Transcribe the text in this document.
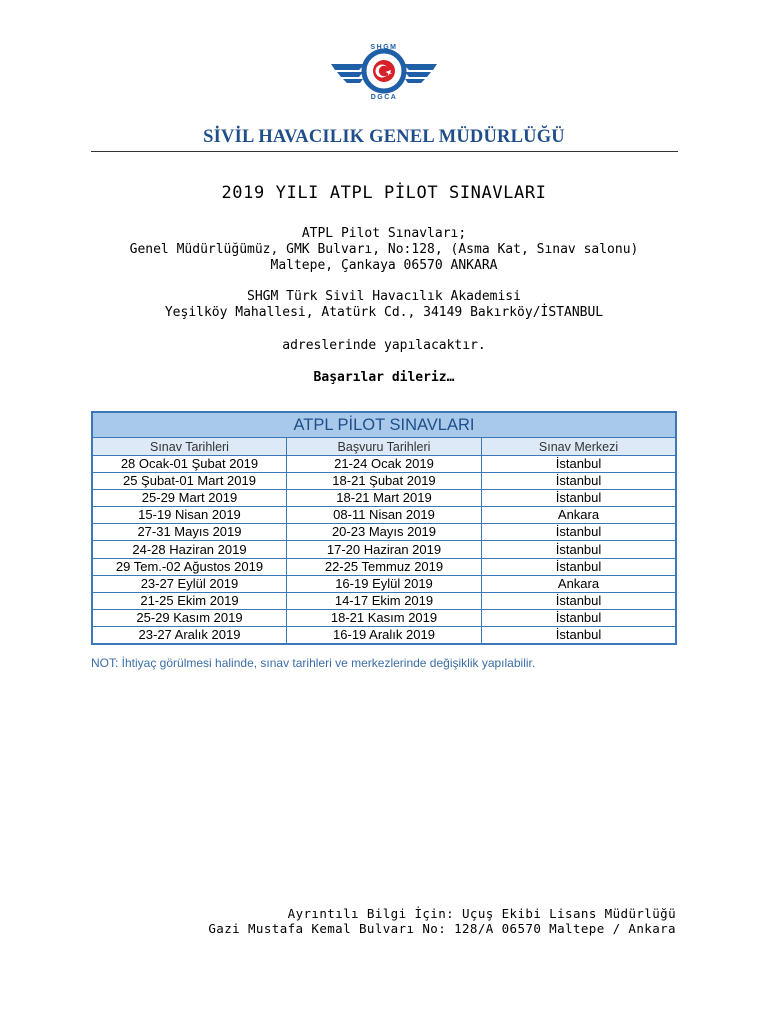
SHGM
DGCA
SİVİL HAVACILIK GENEL MÜDÜRLÜĞÜ
2019 YILI ATPL PİLOT SINAVLARI
ATPL Pilot Sınavları;
Genel Müdürlüğümüz, GMK Bulvarı, No:128, (Asma Kat, Sınav salonu)
Maltepe, Çankaya 06570 ANKARA
SHGM Türk Sivil Havacılık Akademisi
Yeşilköy Mahallesi, Atatürk Cd., 34149 Bakırköy/İSTANBUL
adreslerinde yapılacaktır.
Başarılar dileriz…
ATPL PİLOT SINAVLARI		
Sınav Tarihleri	Başvuru Tarihleri	Sınav Merkezi
28 Ocak-01 Şubat 2019	21-24 Ocak 2019	İstanbul
25 Şubat-01 Mart 2019	18-21 Şubat 2019	İstanbul
25-29 Mart 2019	18-21 Mart 2019	İstanbul
15-19 Nisan 2019	08-11 Nisan 2019	Ankara
27-31 Mayıs 2019	20-23 Mayıs 2019	İstanbul
24-28 Haziran 2019	17-20 Haziran 2019	İstanbul
29 Tem.-02 Ağustos 2019	22-25 Temmuz 2019	İstanbul
23-27 Eylül 2019	16-19 Eylül 2019	Ankara
21-25 Ekim 2019	14-17 Ekim 2019	İstanbul
25-29 Kasım 2019	18-21 Kasım 2019	İstanbul
23-27 Aralık 2019	16-19 Aralık 2019	İstanbul
NOT: İhtiyaç görülmesi halinde, sınav tarihleri ve merkezlerinde değişiklik yapılabilir.
Ayrıntılı Bilgi İçin: Uçuş Ekibi Lisans Müdürlüğü
Gazi Mustafa Kemal Bulvarı No: 128/A 06570 Maltepe / Ankara
